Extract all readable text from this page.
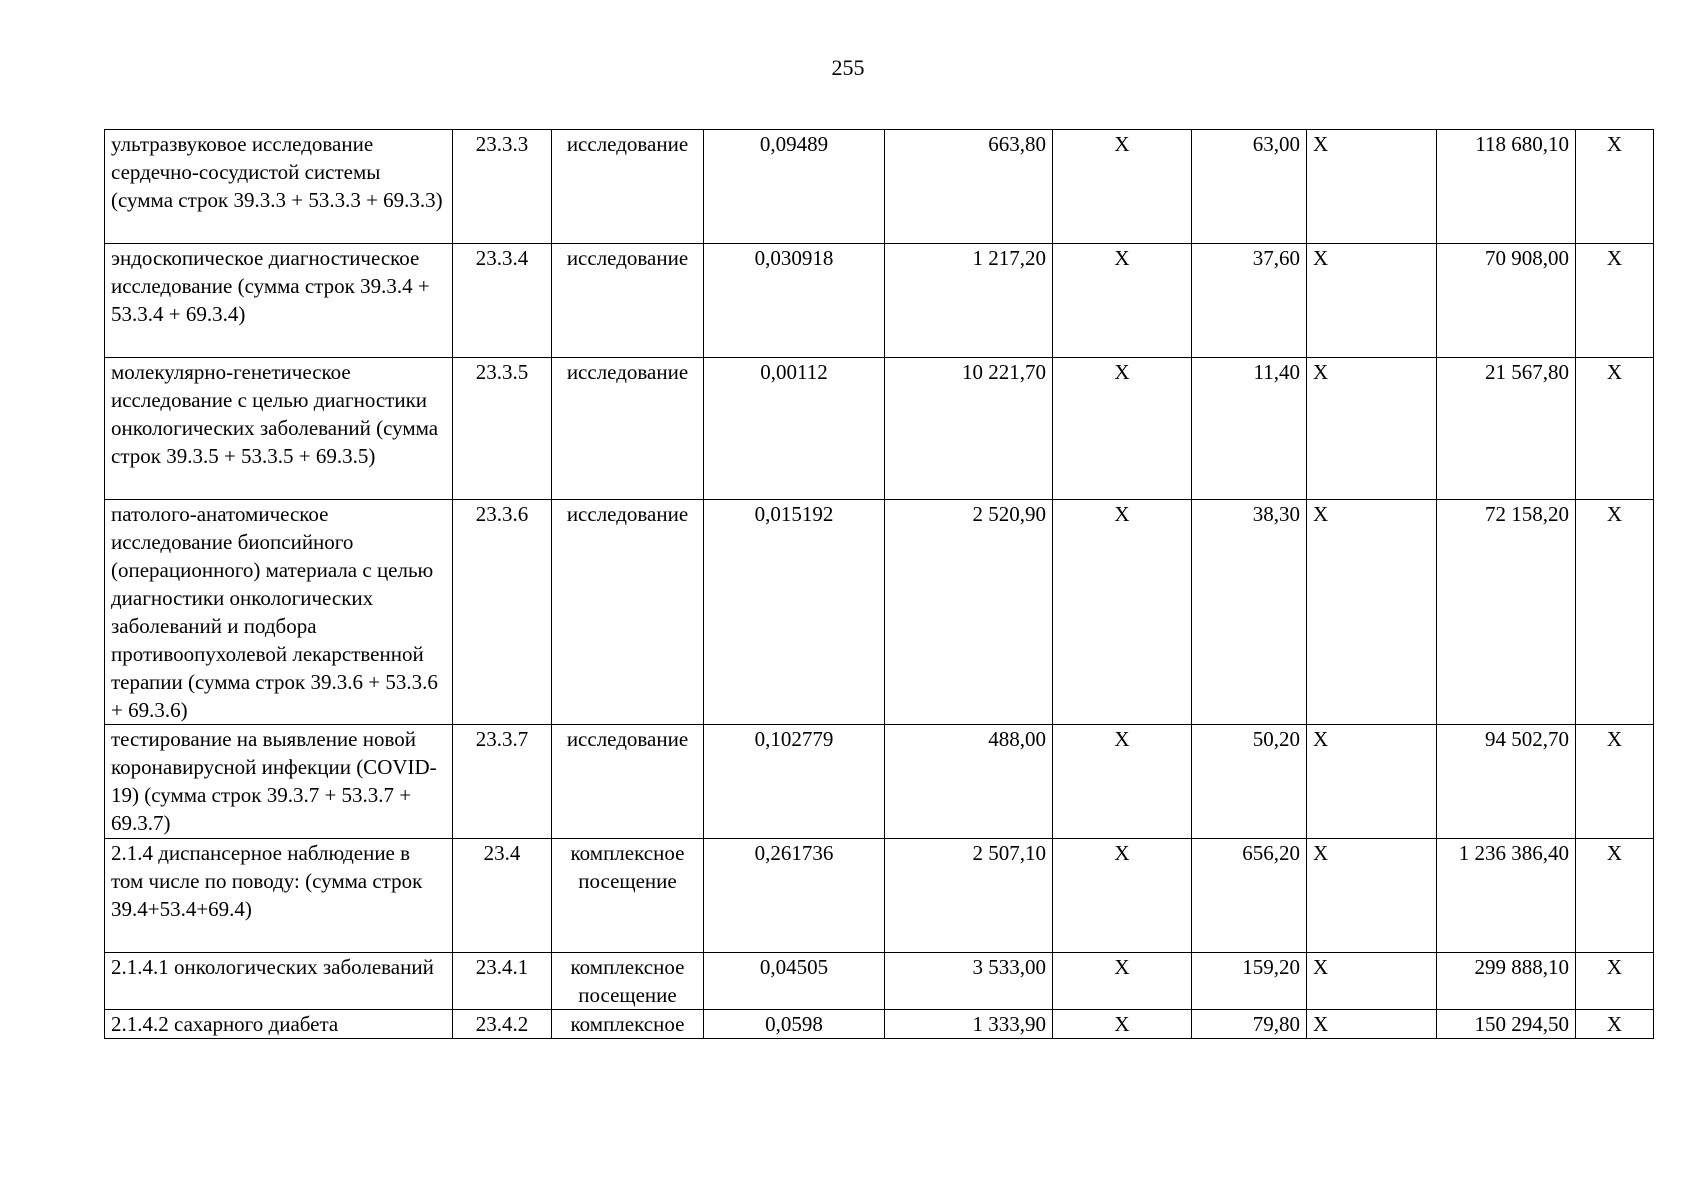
255
ультразвуковое исследование сердечно-сосудистой системы (сумма строк 39.3.3 + 53.3.3 + 69.3.3)	23.3.3	исследование	0,09489	663,80	Х	63,00	Х	118 680,10	Х
эндоскопическое диагностическое исследование (сумма строк 39.3.4 + 53.3.4 + 69.3.4)	23.3.4	исследование	0,030918	1 217,20	Х	37,60	Х	70 908,00	Х
молекулярно-генетическое исследование с целью диагностики онкологических заболеваний (сумма строк 39.3.5 + 53.3.5 + 69.3.5)	23.3.5	исследование	0,00112	10 221,70	Х	11,40	Х	21 567,80	Х
патолого-анатомическое исследование биопсийного (операционного) материала с целью диагностики онкологических заболеваний и подбора противоопухолевой лекарственной терапии (сумма строк 39.3.6 + 53.3.6 + 69.3.6)	23.3.6	исследование	0,015192	2 520,90	Х	38,30	Х	72 158,20	Х
тестирование на выявление новой коронавирусной инфекции (COVID-19) (сумма строк 39.3.7 + 53.3.7 + 69.3.7)	23.3.7	исследование	0,102779	488,00	Х	50,20	Х	94 502,70	Х
2.1.4 диспансерное наблюдение в том числе по поводу: (сумма строк 39.4+53.4+69.4)	23.4	комплексное посещение	0,261736	2 507,10	Х	656,20	Х	1 236 386,40	Х
2.1.4.1 онкологических заболеваний	23.4.1	комплексное посещение	0,04505	3 533,00	Х	159,20	Х	299 888,10	Х
2.1.4.2 сахарного диабета	23.4.2	комплексное	0,0598	1 333,90	Х	79,80	Х	150 294,50	Х
